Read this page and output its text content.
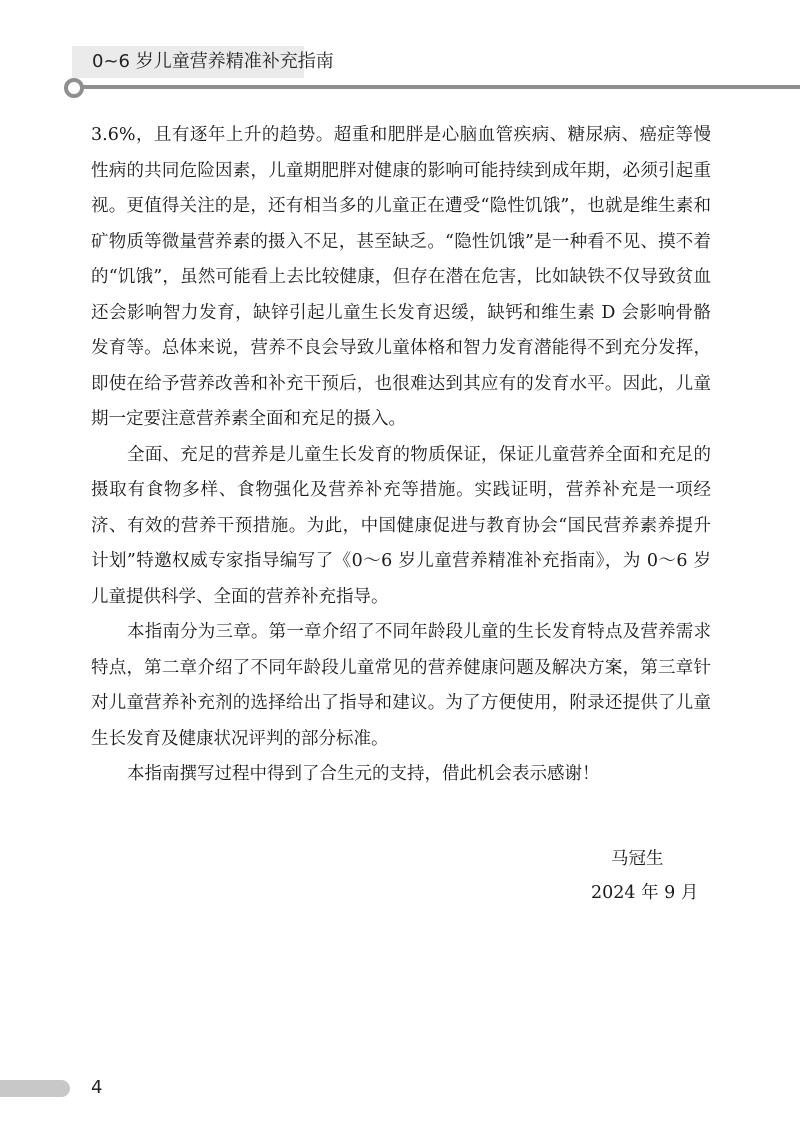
0~6 岁儿童营养精准补充指南

3.6%，且有逐年上升的趋势。超重和肥胖是心脑血管疾病、糖尿病、癌症等慢性病的共同危险因素，儿童期肥胖对健康的影响可能持续到成年期，必须引起重视。更值得关注的是，还有相当多的儿童正在遭受“隐性饥饿”，也就是维生素和矿物质等微量营养素的摄入不足，甚至缺乏。“隐性饥饿”是一种看不见、摸不着的“饥饿”，虽然可能看上去比较健康，但存在潜在危害，比如缺铁不仅导致贫血还会影响智力发育，缺锌引起儿童生长发育迟缓，缺钙和维生素 D 会影响骨骼发育等。总体来说，营养不良会导致儿童体格和智力发育潜能得不到充分发挥，即使在给予营养改善和补充干预后，也很难达到其应有的发育水平。因此，儿童期一定要注意营养素全面和充足的摄入。

全面、充足的营养是儿童生长发育的物质保证，保证儿童营养全面和充足的摄取有食物多样、食物强化及营养补充等措施。实践证明，营养补充是一项经济、有效的营养干预措施。为此，中国健康促进与教育协会“国民营养素养提升计划”特邀权威专家指导编写了《0～6 岁儿童营养精准补充指南》，为 0～6 岁儿童提供科学、全面的营养补充指导。

本指南分为三章。第一章介绍了不同年龄段儿童的生长发育特点及营养需求特点，第二章介绍了不同年龄段儿童常见的营养健康问题及解决方案，第三章针对儿童营养补充剂的选择给出了指导和建议。为了方便使用，附录还提供了儿童生长发育及健康状况评判的部分标准。

本指南撰写过程中得到了合生元的支持，借此机会表示感谢！

马冠生
2024 年 9 月
4
